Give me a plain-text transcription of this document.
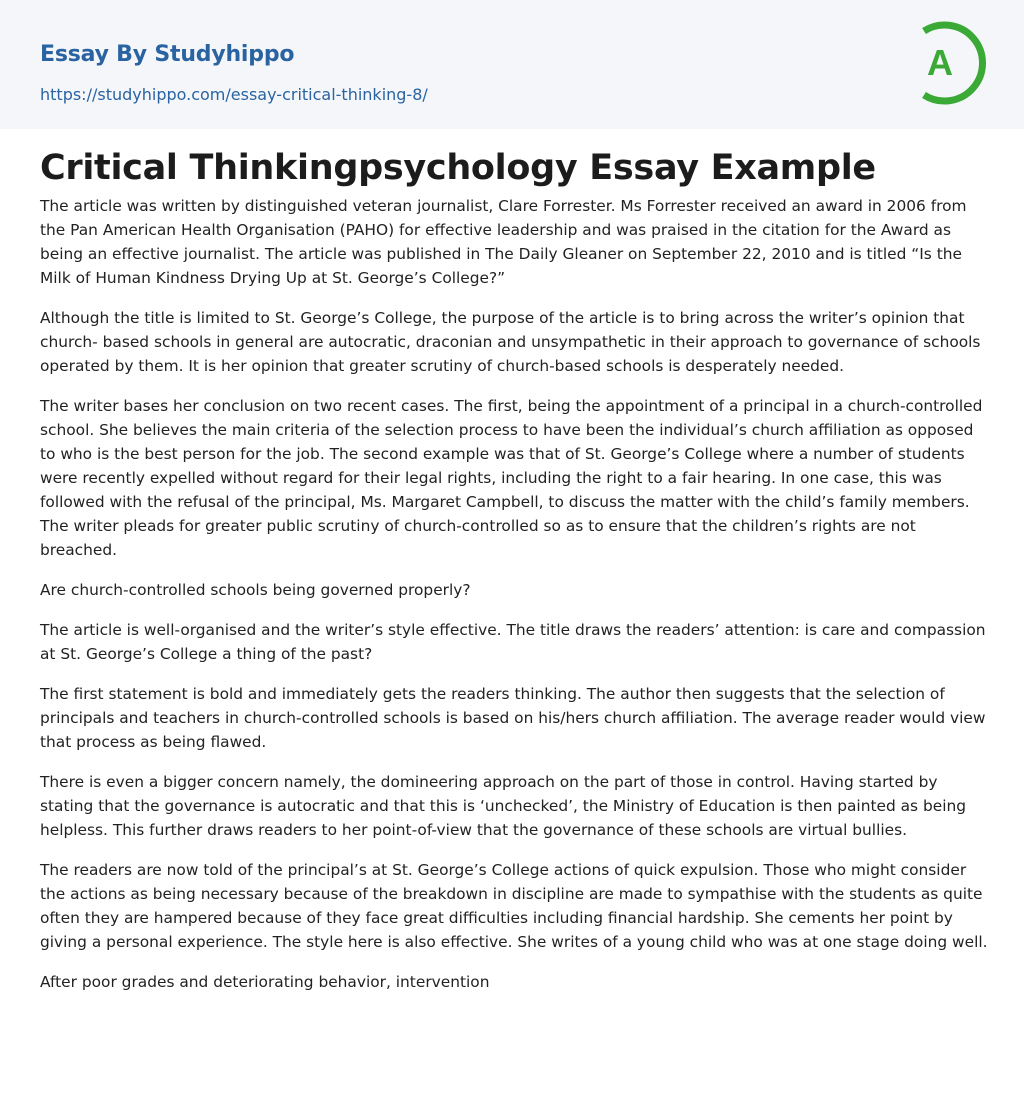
Essay By Studyhippo
https://studyhippo.com/essay-critical-thinking-8/
A
Critical Thinkingpsychology Essay Example

The article was written by distinguished veteran journalist, Clare Forrester. Ms Forrester received an award in 2006 from the Pan American Health Organisation (PAHO) for effective leadership and was praised in the citation for the Award as being an effective journalist. The article was published in The Daily Gleaner on September 22, 2010 and is titled “Is the Milk of Human Kindness Drying Up at St. George’s College?”

Although the title is limited to St. George’s College, the purpose of the article is to bring across the writer’s opinion that church- based schools in general are autocratic, draconian and unsympathetic in their approach to governance of schools operated by them. It is her opinion that greater scrutiny of church-based schools is desperately needed.

The writer bases her conclusion on two recent cases. The first, being the appointment of a principal in a church-controlled school. She believes the main criteria of the selection process to have been the individual’s church affiliation as opposed to who is the best person for the job. The second example was that of St. George’s College where a number of students were recently expelled without regard for their legal rights, including the right to a fair hearing. In one case, this was followed with the refusal of the principal, Ms. Margaret Campbell, to discuss the matter with the child’s family members. The writer pleads for greater public scrutiny of church-controlled so as to ensure that the children’s rights are not breached.

Are church-controlled schools being governed properly?

The article is well-organised and the writer’s style effective. The title draws the readers’ attention: is care and compassion at St. George’s College a thing of the past?

The first statement is bold and immediately gets the readers thinking. The author then suggests that the selection of principals and teachers in church-controlled schools is based on his/hers church affiliation. The average reader would view that process as being flawed.

There is even a bigger concern namely, the domineering approach on the part of those in control. Having started by stating that the governance is autocratic and that this is ‘unchecked’, the Ministry of Education is then painted as being helpless. This further draws readers to her point-of-view that the governance of these schools are virtual bullies.

The readers are now told of the principal’s at St. George’s College actions of quick expulsion. Those who might consider the actions as being necessary because of the breakdown in discipline are made to sympathise with the students as quite often they are hampered because of they face great difficulties including financial hardship. She cements her point by giving a personal experience. The style here is also effective. She writes of a young child who was at one stage doing well.

After poor grades and deteriorating behavior, intervention
